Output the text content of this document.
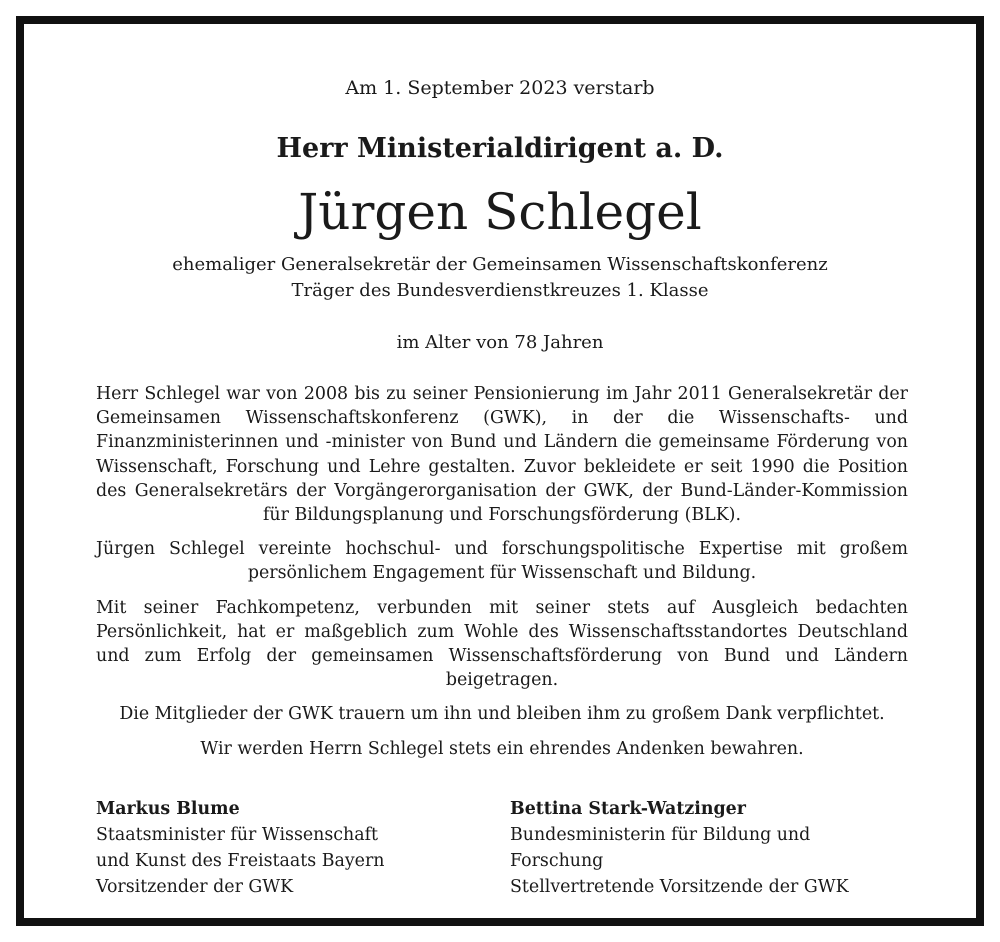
Am 1. September 2023 verstarb
Herr Ministerialdirigent a. D.
Jürgen Schlegel
ehemaliger Generalsekretär der Gemeinsamen Wissenschaftskonferenz
Träger des Bundesverdienstkreuzes 1. Klasse
im Alter von 78 Jahren

Herr Schlegel war von 2008 bis zu seiner Pensionierung im Jahr 2011 Generalsekretär der Gemeinsamen Wissenschaftskonferenz (GWK), in der die Wissenschafts- und Finanzministerinnen und -minister von Bund und Ländern die gemeinsame Förderung von Wissenschaft, Forschung und Lehre gestalten. Zuvor bekleidete er seit 1990 die Position des Generalsekretärs der Vorgängerorganisation der GWK, der Bund-Länder-Kommission für Bildungsplanung und Forschungsförderung (BLK).

Jürgen Schlegel vereinte hochschul- und forschungspolitische Expertise mit großem persönlichem Engagement für Wissenschaft und Bildung.

Mit seiner Fachkompetenz, verbunden mit seiner stets auf Ausgleich bedachten Persönlichkeit, hat er maßgeblich zum Wohle des Wissenschaftsstandortes Deutschland und zum Erfolg der gemeinsamen Wissenschaftsförderung von Bund und Ländern beigetragen.

Die Mitglieder der GWK trauern um ihn und bleiben ihm zu großem Dank verpflichtet.

Wir werden Herrn Schlegel stets ein ehrendes Andenken bewahren.

Markus Blume
Staatsminister für Wissenschaft
und Kunst des Freistaats Bayern
Vorsitzender der GWK
Bettina Stark-Watzinger
Bundesministerin für Bildung und
Forschung
Stellvertretende Vorsitzende der GWK
